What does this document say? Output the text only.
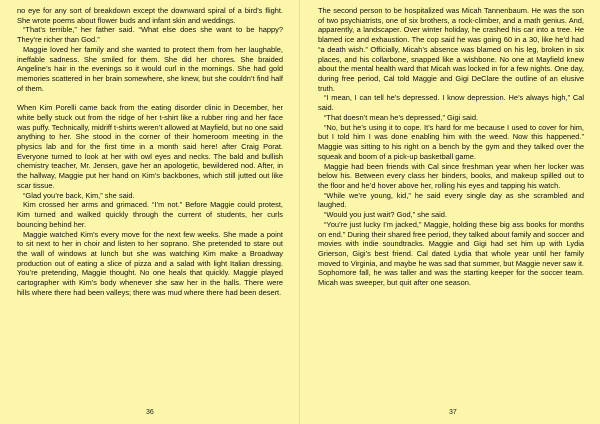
no eye for any sort of breakdown except the downward spiral of a bird’s flight. She wrote poems about flower buds and infant skin and weddings.

“That’s terrible,” her father said. “What else does she want to be happy? They’re richer than God.”

Maggie loved her family and she wanted to protect them from her laughable, ineffable sadness. She smiled for them. She did her chores. She braided Angeline’s hair in the evenings so it would curl in the mornings. She had gold memories scattered in her brain somewhere, she knew, but she couldn’t find half of them.

When Kim Porelli came back from the eating disorder clinic in December, her white belly stuck out from the ridge of her t-shirt like a rubber ring and her face was puffy. Technically, midriff t-shirts weren’t allowed at Mayfield, but no one said anything to her. She stood in the corner of their homeroom meeting in the physics lab and for the first time in a month said here! after Craig Porat. Everyone turned to look at her with owl eyes and necks. The bald and bullish chemistry teacher, Mr. Jensen, gave her an apologetic, bewildered nod. After, in the hallway, Maggie put her hand on Kim’s backbones, which still jutted out like scar tissue.

“Glad you’re back, Kim,” she said.

Kim crossed her arms and grimaced. “I’m not.” Before Maggie could protest, Kim turned and walked quickly through the current of students, her curls bouncing behind her.

Maggie watched Kim’s every move for the next few weeks. She made a point to sit next to her in choir and listen to her soprano. She pretended to stare out the wall of windows at lunch but she was watching Kim make a Broadway production out of eating a slice of pizza and a salad with light Italian dressing. You’re pretending, Maggie thought. No one heals that quickly. Maggie played cartographer with Kim’s body whenever she saw her in the halls. There were hills where there had been valleys; there was mud where there had been desert.

36

The second person to be hospitalized was Micah Tannenbaum. He was the son of two psychiatrists, one of six brothers, a rock-climber, and a math genius. And, apparently, a landscaper. Over winter holiday, he crashed his car into a tree. He blamed ice and exhaustion. The cop said he was going 60 in a 30, like he’d had “a death wish.” Officially, Micah’s absence was blamed on his leg, broken in six places, and his collarbone, snapped like a wishbone. No one at Mayfield knew about the mental health ward that Micah was locked in for a few nights. One day, during free period, Cal told Maggie and Gigi DeClare the outline of an elusive truth.

“I mean, I can tell he’s depressed. I know depression. He’s always high,” Cal said.

“That doesn’t mean he’s depressed,” Gigi said.

“No, but he’s using it to cope. It’s hard for me because I used to cover for him, but I told him I was done enabling him with the weed. Now this happened.” Maggie was sitting to his right on a bench by the gym and they talked over the squeak and boom of a pick-up basketball game.

Maggie had been friends with Cal since freshman year when her locker was below his. Between every class her binders, books, and makeup spilled out to the floor and he’d hover above her, rolling his eyes and tapping his watch.

“While we’re young, kid,” he said every single day as she scrambled and laughed.

“Would you just wait? God,” she said.

“You’re just lucky I’m jacked,” Maggie, holding these big ass books for months on end.” During their shared free period, they talked about family and soccer and movies with indie soundtracks. Maggie and Gigi had set him up with Lydia Grierson, Gigi’s best friend. Cal dated Lydia that whole year until her family moved to Virginia, and maybe he was sad that summer, but Maggie never saw it. Sophomore fall, he was taller and was the starting keeper for the soccer team. Micah was sweeper, but quit after one season.

37
